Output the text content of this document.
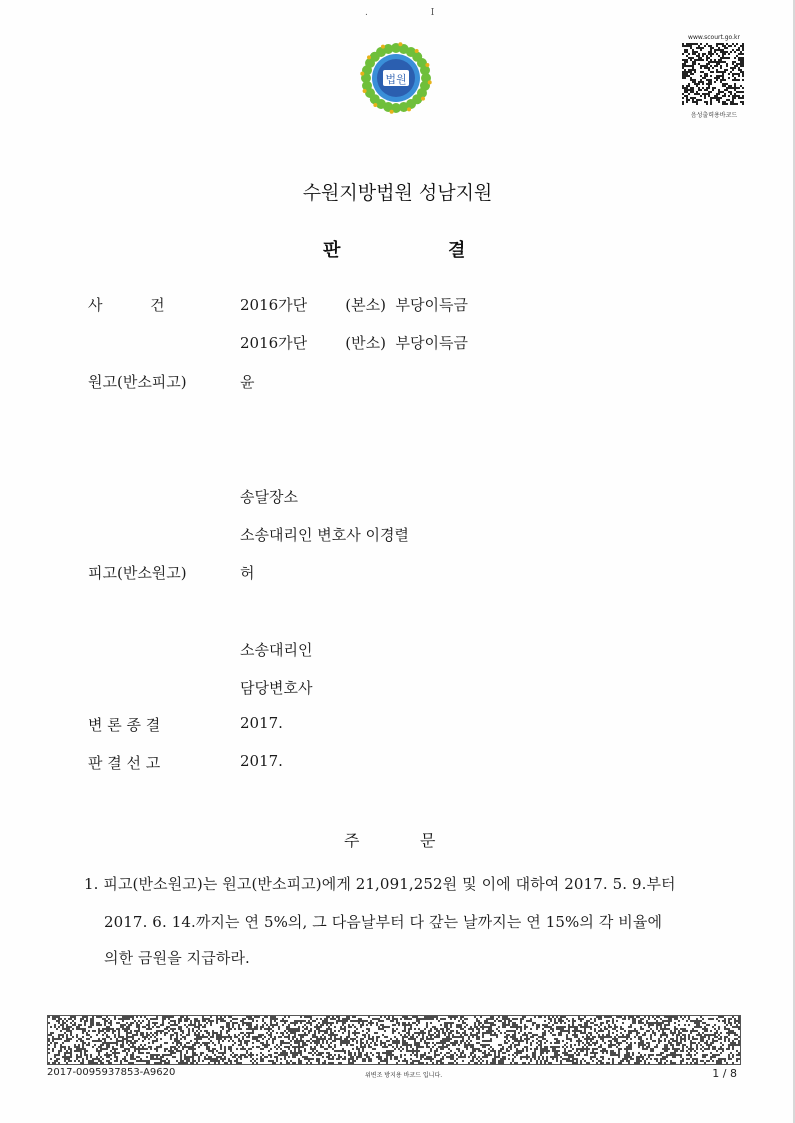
. I
법원
www.scourt.go.kr
음성출력용바코드
수원지방법원 성남지원
판	결
사          건	2016가단        (본소)  부당이득금
2016가단        (반소)  부당이득금
원고(반소피고)	윤
송달장소
소송대리인 변호사 이경렬
피고(반소원고)	허
소송대리인
담당변호사
변 론 종 결	2017.
판 결 선 고	2017.
주	문
1. 피고(반소원고)는 원고(반소피고)에게 21,091,252원 및 이에 대하여 2017. 5. 9.부터
2017. 6. 14.까지는 연 5%의, 그 다음날부터 다 갚는 날까지는 연 15%의 각 비율에
의한 금원을 지급하라.
2017-0095937853-A9620	위변조 방지용 바코드 입니다.	1 / 8
